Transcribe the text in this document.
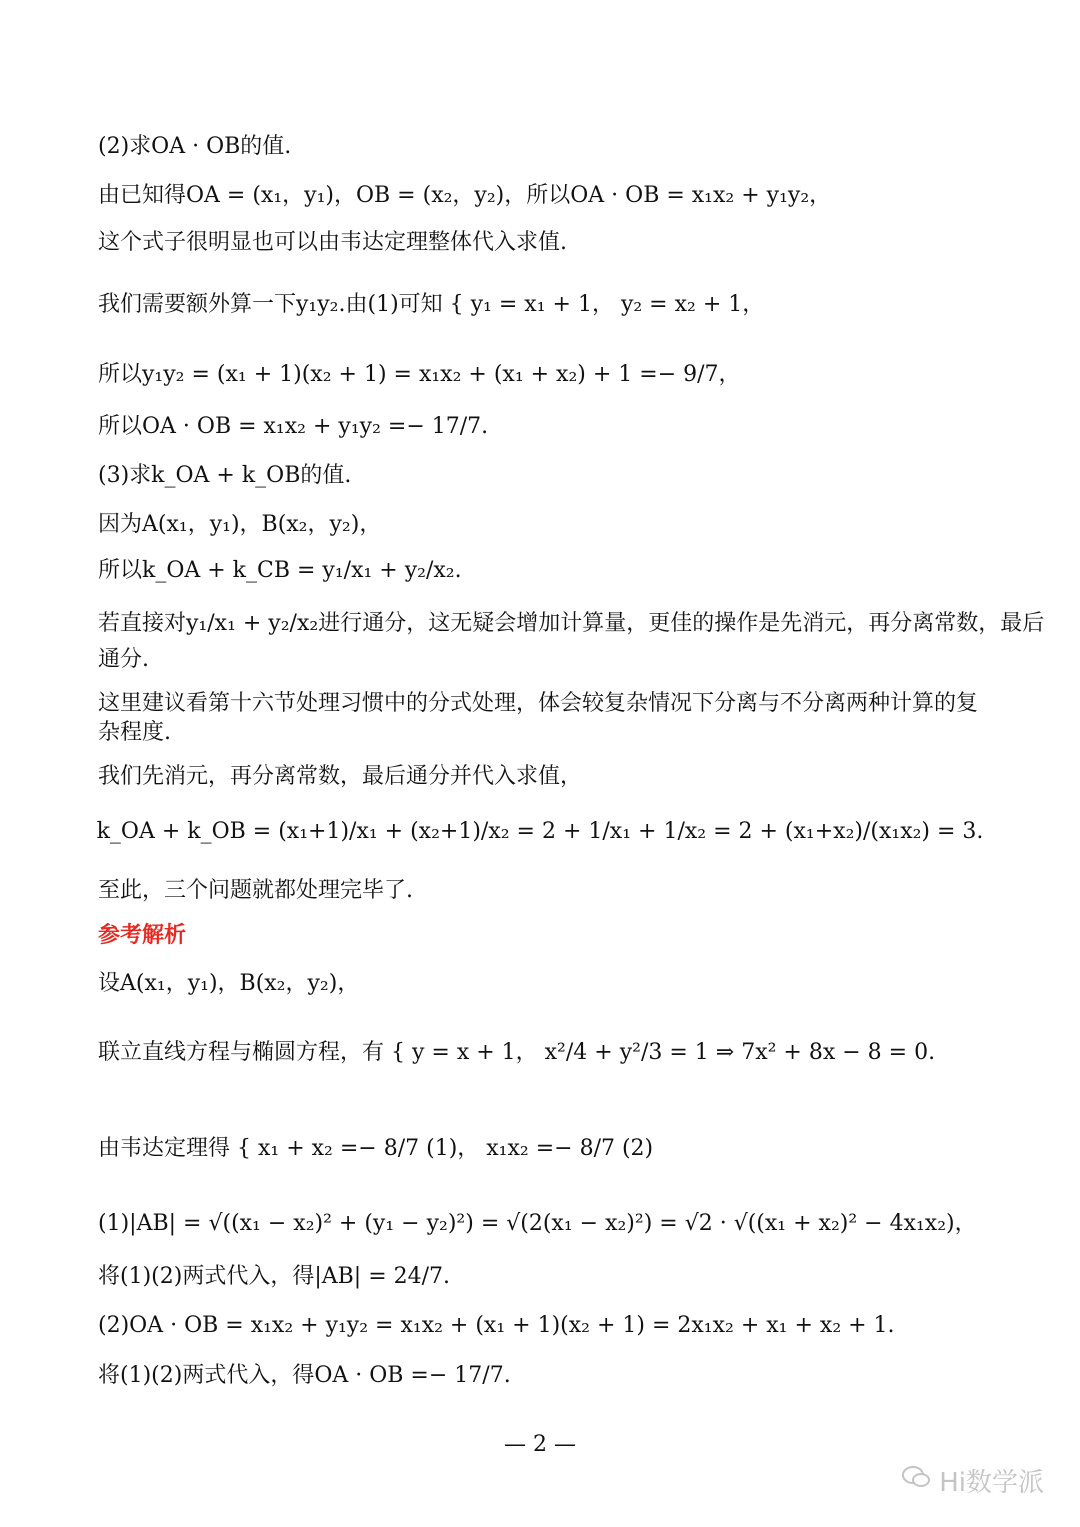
(2)求OA · OB的值.
由已知得OA = (x₁，y₁)，OB = (x₂，y₂)，所以OA · OB = x₁x₂ + y₁y₂，
这个式子很明显也可以由韦达定理整体代入求值.
我们需要额外算一下y₁y₂.由(1)可知 { y₁ = x₁ + 1， y₂ = x₂ + 1，
所以y₁y₂ = (x₁ + 1)(x₂ + 1) = x₁x₂ + (x₁ + x₂) + 1 =− 9/7，
所以OA · OB = x₁x₂ + y₁y₂ =− 17/7.
(3)求k_OA + k_OB的值.
因为A(x₁，y₁)，B(x₂，y₂)，
所以k_OA + k_CB = y₁/x₁ + y₂/x₂.
若直接对y₁/x₁ + y₂/x₂进行通分，这无疑会增加计算量，更佳的操作是先消元，再分离常数，最后
通分.
这里建议看第十六节处理习惯中的分式处理，体会较复杂情况下分离与不分离两种计算的复
杂程度.
我们先消元，再分离常数，最后通分并代入求值，
k_OA + k_OB = (x₁+1)/x₁ + (x₂+1)/x₂ = 2 + 1/x₁ + 1/x₂ = 2 + (x₁+x₂)/(x₁x₂) = 3.
至此，三个问题就都处理完毕了.
参考解析
设A(x₁，y₁)，B(x₂，y₂)，
联立直线方程与椭圆方程，有 { y = x + 1， x²/4 + y²/3 = 1 ⇒ 7x² + 8x − 8 = 0.
由韦达定理得 { x₁ + x₂ =− 8/7 (1)， x₁x₂ =− 8/7 (2)
(1)|AB| = √((x₁ − x₂)² + (y₁ − y₂)²) = √(2(x₁ − x₂)²) = √2 · √((x₁ + x₂)² − 4x₁x₂)，
将(1)(2)两式代入，得|AB| = 24/7.
(2)OA · OB = x₁x₂ + y₁y₂ = x₁x₂ + (x₁ + 1)(x₂ + 1) = 2x₁x₂ + x₁ + x₂ + 1.
将(1)(2)两式代入，得OA · OB =− 17/7.
— 2 —
Hi数学派
